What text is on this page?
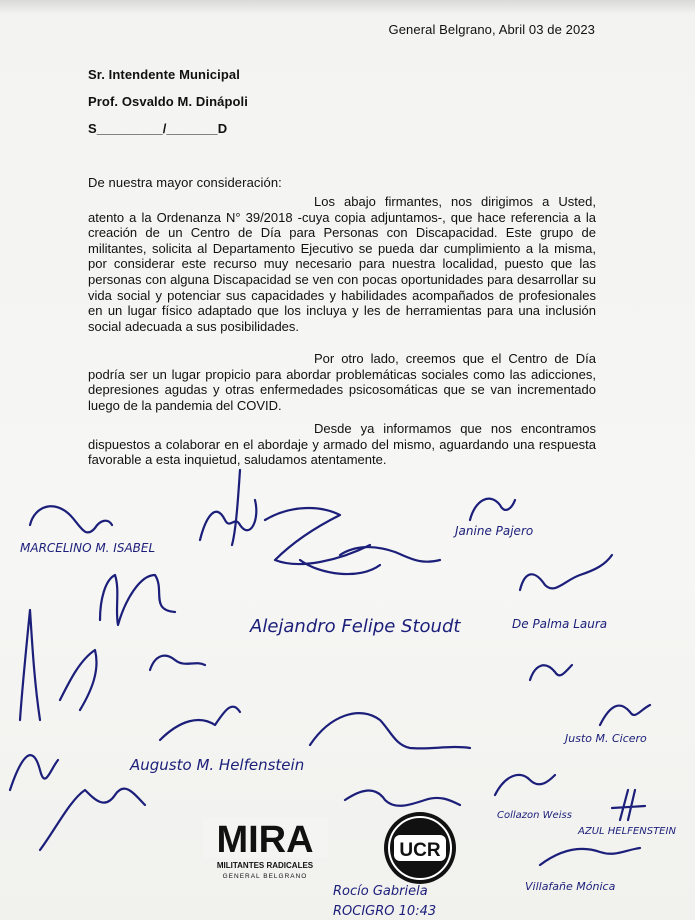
General Belgrano, Abril 03 de 2023
Sr. Intendente Municipal
Prof. Osvaldo M. Dinápoli
S_________/_______D
De nuestra mayor consideración:
Los abajo firmantes, nos dirigimos a Usted, atento a la Ordenanza N° 39/2018 -cuya copia adjuntamos-, que hace referencia a la creación de un Centro de Día para Personas con Discapacidad. Este grupo de militantes, solicita al Departamento Ejecutivo se pueda dar cumplimiento a la misma, por considerar este recurso muy necesario para nuestra localidad, puesto que las personas con alguna Discapacidad se ven con pocas oportunidades para desarrollar su vida social y potenciar sus capacidades y habilidades acompañados de profesionales en un lugar físico adaptado que los incluya y les de herramientas para una inclusión social adecuada a sus posibilidades.
Por otro lado, creemos que el Centro de Día podría ser un lugar propicio para abordar problemáticas sociales como las adicciones, depresiones agudas y otras enfermedades psicosomáticas que se van incrementado luego de la pandemia del COVID.
Desde ya informamos que nos encontramos dispuestos a colaborar en el abordaje y armado del mismo, aguardando una respuesta favorable a esta inquietud, saludamos atentamente.
MARCELINO M. ISABEL
Janine Pajero
De Palma Laura
Alejandro Felipe Stoudt
Augusto M. Helfenstein
Justo M. Cicero
AZUL HELFENSTEIN
Villafañe Mónica
Collazon Weiss
Rocío Gabriela
ROCIGRO 10:43
MIRA
MILITANTES RADICALES
GENERAL BELGRANO
UCR
